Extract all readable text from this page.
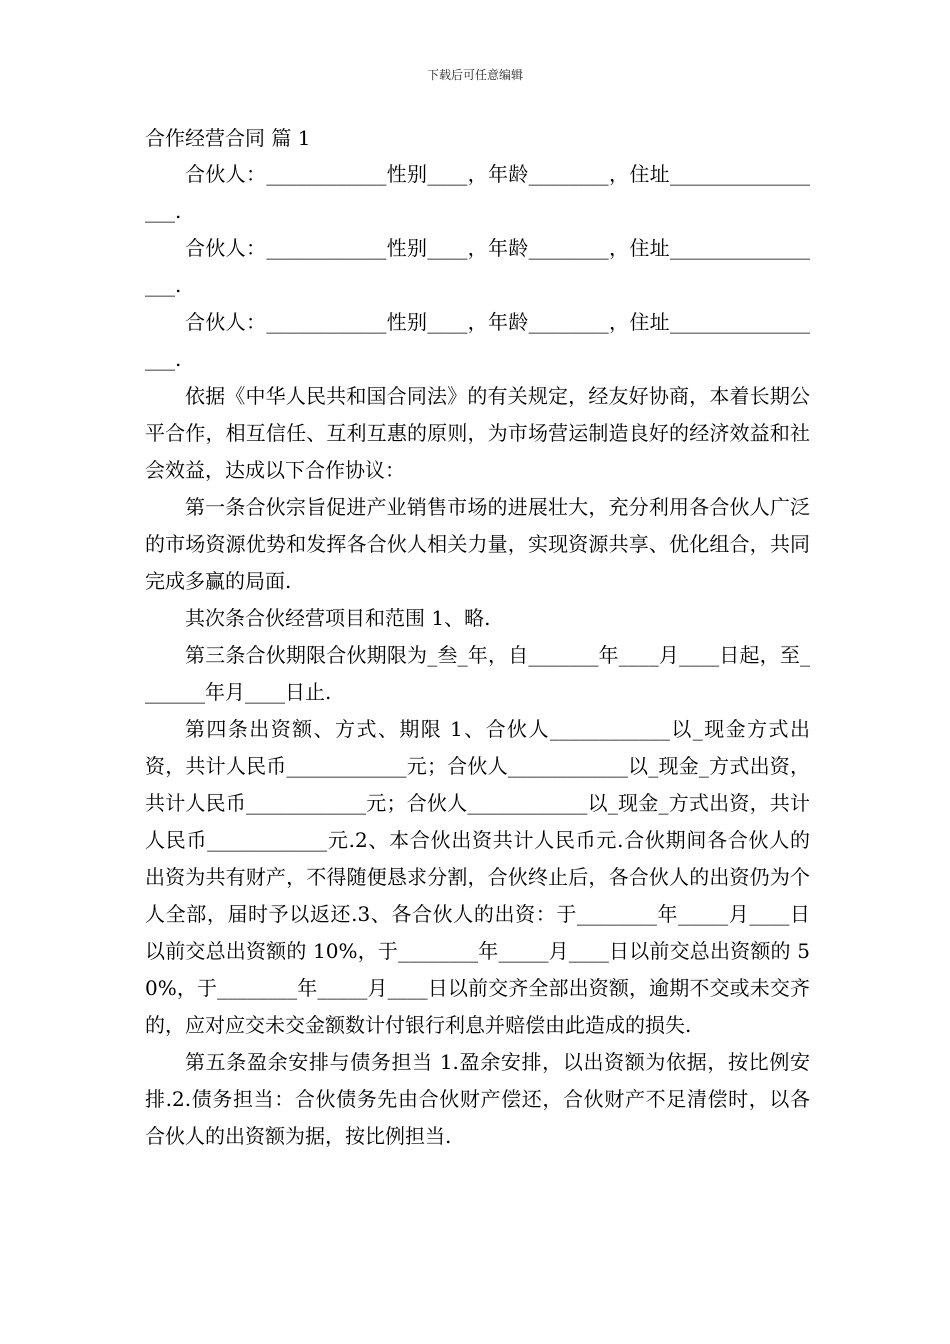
下载后可任意编辑
合作经营合同 篇 1

合伙人：____________性别____，年龄________，住址_________________.

合伙人：____________性别____，年龄________，住址_________________.

合伙人：____________性别____，年龄________，住址_________________.

依据《中华人民共和国合同法》的有关规定，经友好协商，本着长期公平合作，相互信任、互利互惠的原则，为市场营运制造良好的经济效益和社会效益，达成以下合作协议：

第一条合伙宗旨促进产业销售市场的进展壮大，充分利用各合伙人广泛的市场资源优势和发挥各合伙人相关力量，实现资源共享、优化组合，共同完成多赢的局面.

其次条合伙经营项目和范围 1、略.

第三条合伙期限合伙期限为_叁_年，自_______年____月____日起，至_______年月____日止.

第四条出资额、方式、期限 1、合伙人____________以_现金方式出资，共计人民币____________元；合伙人____________以_现金_方式出资，共计人民币____________元；合伙人____________以_现金_方式出资，共计人民币____________元.2、本合伙出资共计人民币元.合伙期间各合伙人的出资为共有财产，不得随便恳求分割，合伙终止后，各合伙人的出资仍为个人全部，届时予以返还.3、各合伙人的出资：于________年_____月____日以前交总出资额的 10%，于________年_____月____日以前交总出资额的 50%，于________年_____月____日以前交齐全部出资额，逾期不交或未交齐的，应对应交未交金额数计付银行利息并赔偿由此造成的损失.

第五条盈余安排与债务担当 1.盈余安排，以出资额为依据，按比例安排.2.债务担当：合伙债务先由合伙财产偿还，合伙财产不足清偿时，以各合伙人的出资额为据，按比例担当.
